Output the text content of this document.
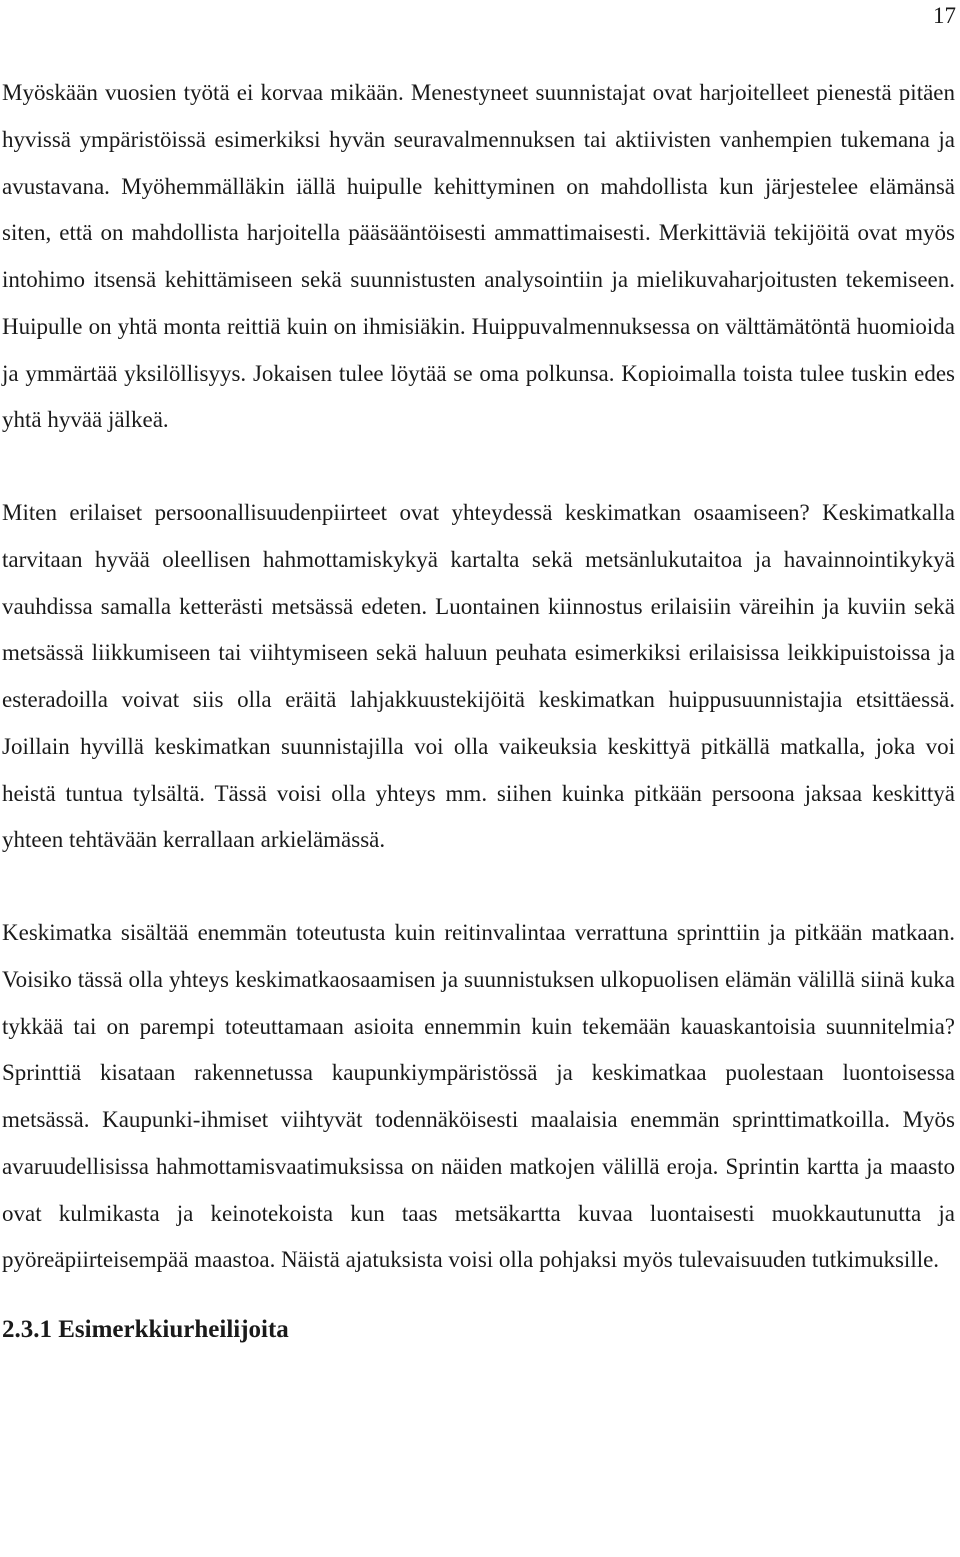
17

Myöskään vuosien työtä ei korvaa mikään. Menestyneet suunnistajat ovat harjoitelleet pienestä pitäen hyvissä ympäristöissä esimerkiksi hyvän seuravalmennuksen tai aktiivisten vanhempien tukemana ja avustavana. Myöhemmälläkin iällä huipulle kehittyminen on mahdollista kun järjestelee elämänsä siten, että on mahdollista harjoitella pääsääntöisesti ammattimaisesti. Merkittäviä tekijöitä ovat myös intohimo itsensä kehittämiseen sekä suunnistusten analysointiin ja mielikuvaharjoitusten tekemiseen. Huipulle on yhtä monta reittiä kuin on ihmisiäkin. Huippuvalmennuksessa on välttämätöntä huomioida ja ymmärtää yksilöllisyys. Jokaisen tulee löytää se oma polkunsa. Kopioimalla toista tulee tuskin edes yhtä hyvää jälkeä.

Miten erilaiset persoonallisuudenpiirteet ovat yhteydessä keskimatkan osaamiseen? Keskimatkalla tarvitaan hyvää oleellisen hahmottamiskykyä kartalta sekä metsänlukutaitoa ja havainnointikykyä vauhdissa samalla ketterästi metsässä edeten. Luontainen kiinnostus erilaisiin väreihin ja kuviin sekä metsässä liikkumiseen tai viihtymiseen sekä haluun peuhata esimerkiksi erilaisissa leikkipuistoissa ja esteradoilla voivat siis olla eräitä lahjakkuustekijöitä keskimatkan huippusuunnistajia etsittäessä. Joillain hyvillä keskimatkan suunnistajilla voi olla vaikeuksia keskittyä pitkällä matkalla, joka voi heistä tuntua tylsältä. Tässä voisi olla yhteys mm. siihen kuinka pitkään persoona jaksaa keskittyä yhteen tehtävään kerrallaan arkielämässä.

Keskimatka sisältää enemmän toteutusta kuin reitinvalintaa verrattuna sprinttiin ja pitkään matkaan. Voisiko tässä olla yhteys keskimatkaosaamisen ja suunnistuksen ulkopuolisen elämän välillä siinä kuka tykkää tai on parempi toteuttamaan asioita ennemmin kuin tekemään kauaskantoisia suunnitelmia? Sprinttiä kisataan rakennetussa kaupunkiympäristössä ja keskimatkaa puolestaan luontoisessa metsässä. Kaupunki-ihmiset viihtyvät todennäköisesti maalaisia enemmän sprinttimatkoilla. Myös avaruudellisissa hahmottamisvaatimuksissa on näiden matkojen välillä eroja. Sprintin kartta ja maasto ovat kulmikasta ja keinotekoista kun taas metsäkartta kuvaa luontaisesti muokkautunutta ja pyöreäpiirteisempää maastoa. Näistä ajatuksista voisi olla pohjaksi myös tulevaisuuden tutkimuksille.

2.3.1 Esimerkkiurheilijoita
